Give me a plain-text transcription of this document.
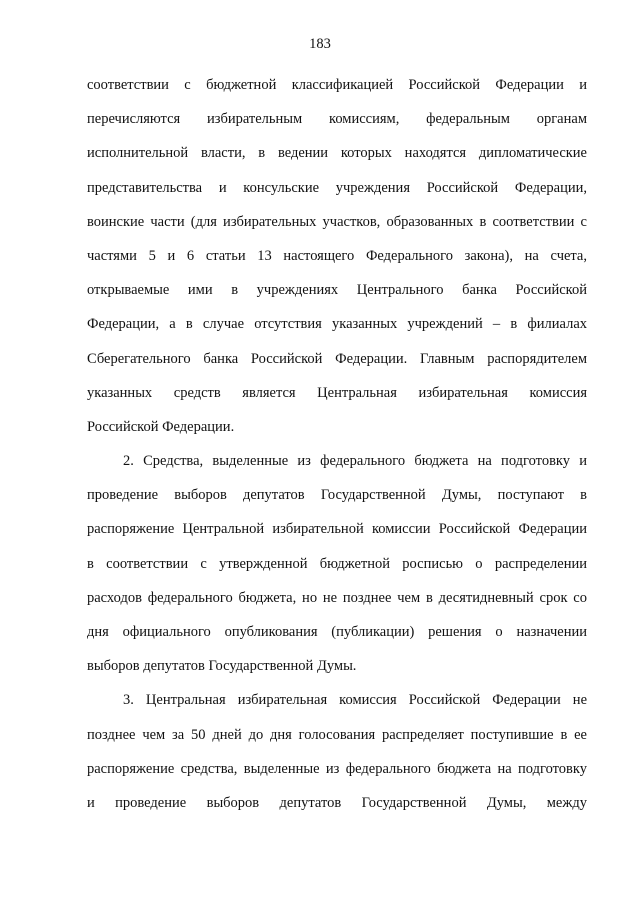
183
соответствии с бюджетной классификацией Российской Федерации и
перечисляются избирательным комиссиям, федеральным органам
исполнительной власти, в ведении которых находятся дипломатические
представительства и консульские учреждения Российской Федерации,
воинские части (для избирательных участков, образованных в соответствии с
частями 5 и 6 статьи 13 настоящего Федерального закона), на счета,
открываемые ими в учреждениях Центрального банка Российской
Федерации, а в случае отсутствия указанных учреждений – в филиалах
Сберегательного банка Российской Федерации. Главным распорядителем
указанных средств является Центральная избирательная комиссия
Российской Федерации.
2. Средства, выделенные из федерального бюджета на подготовку и
проведение выборов депутатов Государственной Думы, поступают в
распоряжение Центральной избирательной комиссии Российской Федерации
в соответствии с утвержденной бюджетной росписью о распределении
расходов федерального бюджета, но не позднее чем в десятидневный срок со
дня официального опубликования (публикации) решения о назначении
выборов депутатов Государственной Думы.
3. Центральная избирательная комиссия Российской Федерации не
позднее чем за 50 дней до дня голосования распределяет поступившие в ее
распоряжение средства, выделенные из федерального бюджета на подготовку
и проведение выборов депутатов Государственной Думы, между
